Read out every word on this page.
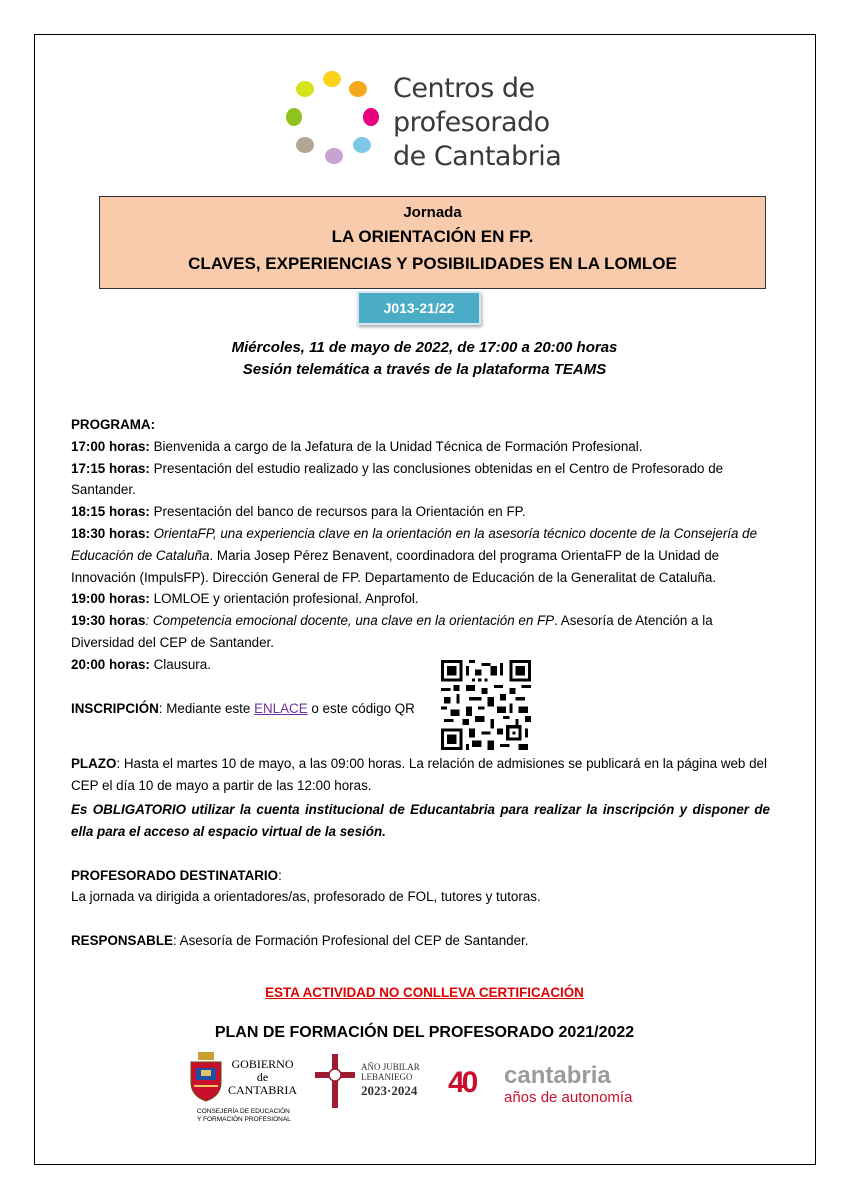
Centros de
profesorado
de Cantabria
Jornada
LA ORIENTACIÓN EN FP.
CLAVES, EXPERIENCIAS Y POSIBILIDADES EN LA LOMLOE
J013-21/22
Miércoles, 11 de mayo de 2022, de 17:00 a 20:00 horas
Sesión telemática a través de la plataforma TEAMS

PROGRAMA:

17:00 horas: Bienvenida a cargo de la Jefatura de la Unidad Técnica de Formación Profesional.

17:15 horas: Presentación del estudio realizado y las conclusiones obtenidas en el Centro de Profesorado de Santander.

18:15 horas: Presentación del banco de recursos para la Orientación en FP.

18:30 horas: OrientaFP, una experiencia clave en la orientación en la asesoría técnico docente de la Consejería de Educación de Cataluña. Maria Josep Pérez Benavent, coordinadora del programa OrientaFP de la Unidad de Innovación (ImpulsFP). Dirección General de FP. Departamento de Educación de la Generalitat de Cataluña.

19:00 horas: LOMLOE y orientación profesional. Anprofol.

19:30 horas: Competencia emocional docente, una clave en la orientación en FP. Asesoría de Atención a la Diversidad del CEP de Santander.

20:00 horas: Clausura.

INSCRIPCIÓN: Mediante este ENLACE o este código QR

PLAZO: Hasta el martes 10 de mayo, a las 09:00 horas. La relación de admisiones se publicará en la página web del CEP el día 10 de mayo a partir de las 12:00 horas.

Es OBLIGATORIO utilizar la cuenta institucional de Educantabria para realizar la inscripción y disponer de ella para el acceso al espacio virtual de la sesión.

PROFESORADO DESTINATARIO:

La jornada va dirigida a orientadores/as, profesorado de FOL, tutores y tutoras.

RESPONSABLE: Asesoría de Formación Profesional del CEP de Santander.

ESTA ACTIVIDAD NO CONLLEVA CERTIFICACIÓN
PLAN DE FORMACIÓN DEL PROFESORADO 2021/2022
GOBIERNO
de
CANTABRIA
CONSEJERÍA DE EDUCACIÓN
Y FORMACIÓN PROFESIONAL
AÑO JUBILAR
LEBANIEGO
2023·2024 40 cantabria
años de autonomía
